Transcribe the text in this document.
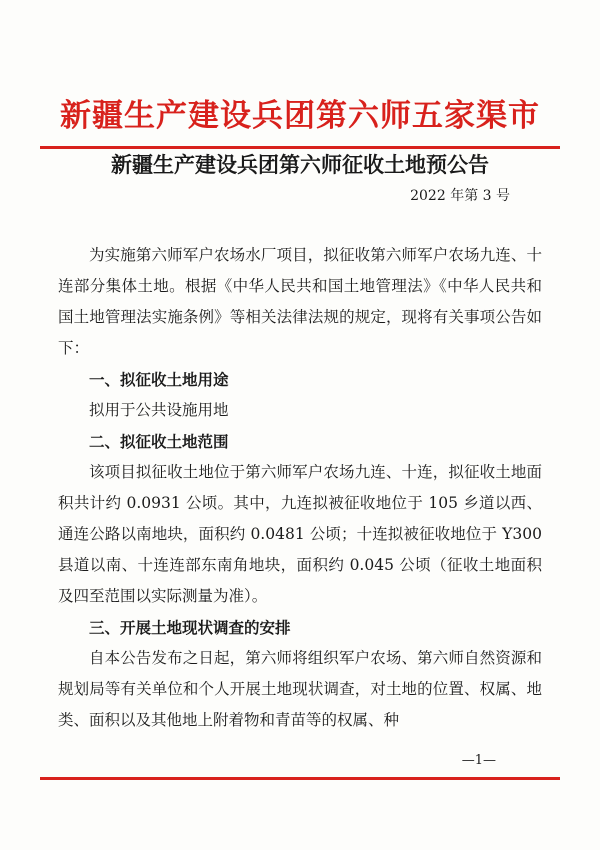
新疆生产建设兵团第六师五家渠市
新疆生产建设兵团第六师征收土地预公告
2022 年第 3 号

为实施第六师军户农场水厂项目，拟征收第六师军户农场九连、十连部分集体土地。根据《中华人民共和国土地管理法》《中华人民共和国土地管理法实施条例》等相关法律法规的规定，现将有关事项公告如下：

一、拟征收土地用途

拟用于公共设施用地

二、拟征收土地范围

该项目拟征收土地位于第六师军户农场九连、十连，拟征收土地面积共计约 0.0931 公顷。其中，九连拟被征收地位于 105 乡道以西、通连公路以南地块，面积约 0.0481 公顷；十连拟被征收地位于 Y300 县道以南、十连连部东南角地块，面积约 0.045 公顷（征收土地面积及四至范围以实际测量为准）。

三、开展土地现状调查的安排

自本公告发布之日起，第六师将组织军户农场、第六师自然资源和规划局等有关单位和个人开展土地现状调查，对土地的位置、权属、地类、面积以及其他地上附着物和青苗等的权属、种

—1—
